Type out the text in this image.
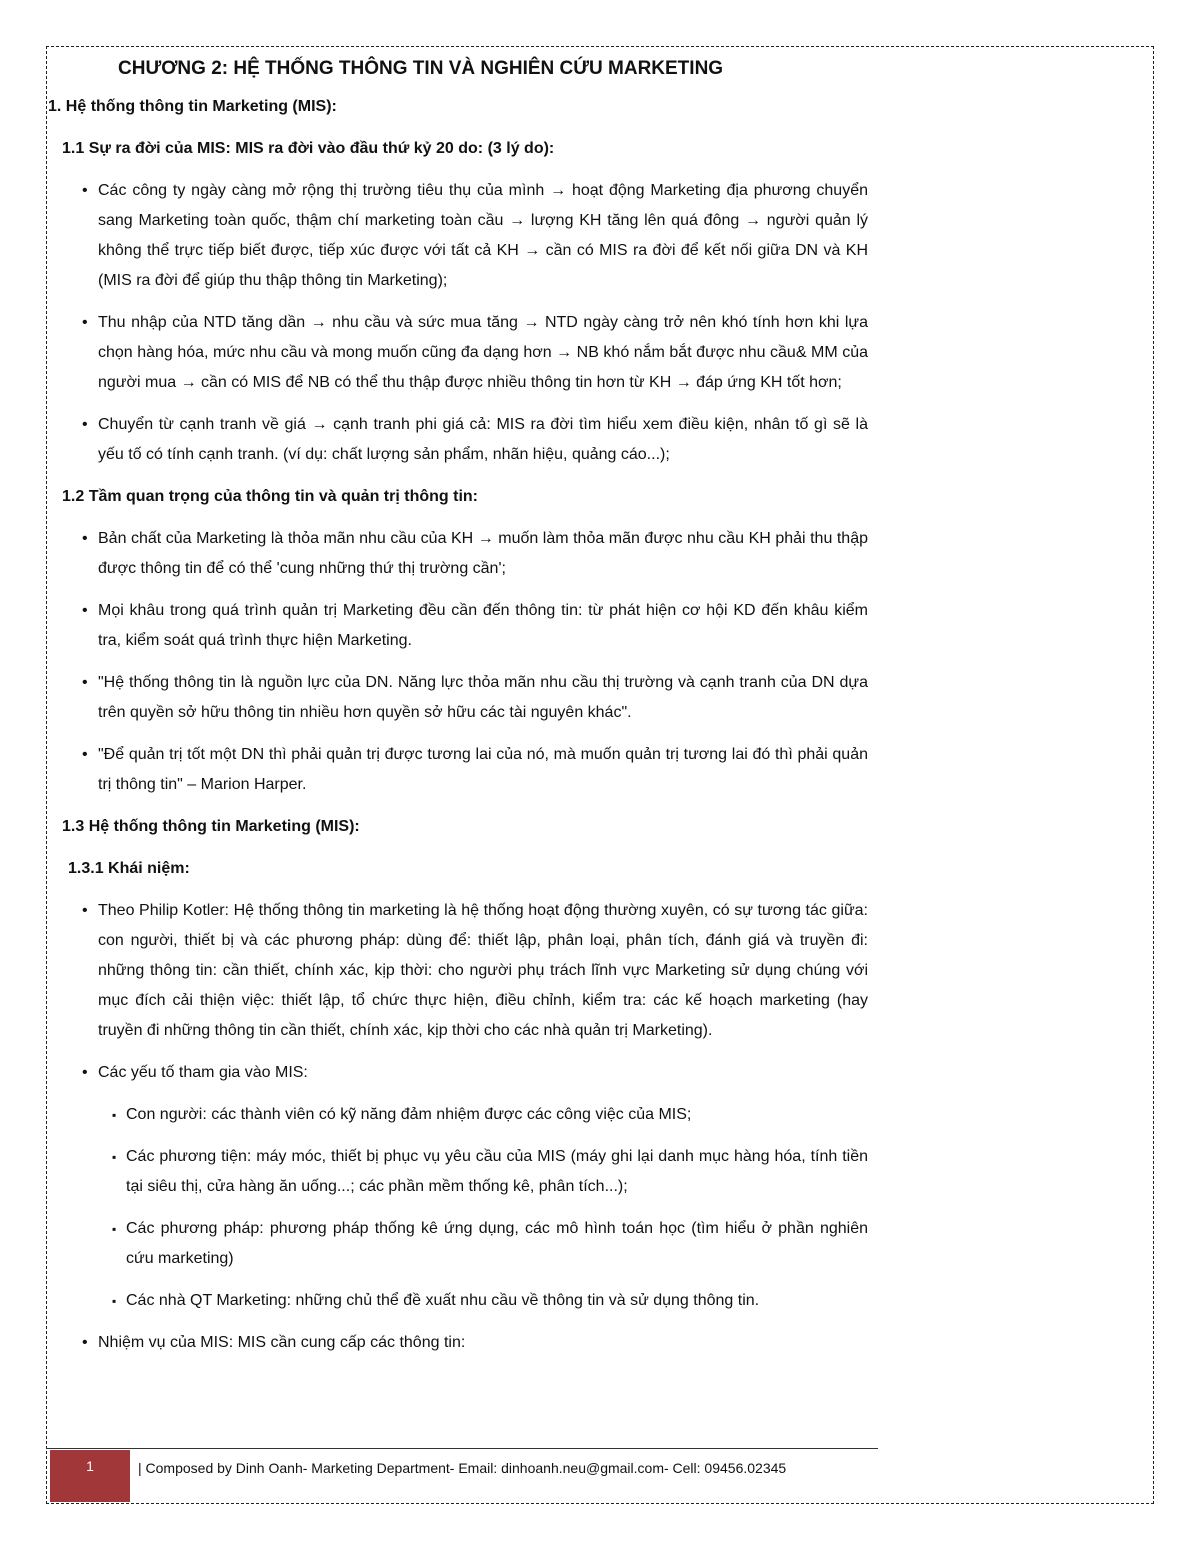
CHƯƠNG 2: HỆ THỐNG THÔNG TIN VÀ NGHIÊN CỨU MARKETING
1. Hệ thống thông tin Marketing (MIS):
1.1 Sự ra đời của MIS: MIS ra đời vào đầu thứ kỷ 20 do: (3 lý do):
• Các công ty ngày càng mở rộng thị trường tiêu thụ của mình → hoạt động Marketing địa phương chuyển sang Marketing toàn quốc, thậm chí marketing toàn cầu → lượng KH tăng lên quá đông → người quản lý không thể trực tiếp biết được, tiếp xúc được với tất cả KH → cần có MIS ra đời để kết nối giữa DN và KH (MIS ra đời để giúp thu thập thông tin Marketing);
• Thu nhập của NTD tăng dần → nhu cầu và sức mua tăng → NTD ngày càng trở nên khó tính hơn khi lựa chọn hàng hóa, mức nhu cầu và mong muốn cũng đa dạng hơn → NB khó nắm bắt được nhu cầu& MM của người mua → cần có MIS để NB có thể thu thập được nhiều thông tin hơn từ KH → đáp ứng KH tốt hơn;
• Chuyển từ cạnh tranh về giá → cạnh tranh phi giá cả: MIS ra đời tìm hiểu xem điều kiện, nhân tố gì sẽ là yếu tố có tính cạnh tranh. (ví dụ: chất lượng sản phẩm, nhãn hiệu, quảng cáo...);
1.2 Tầm quan trọng của thông tin và quản trị thông tin:
• Bản chất của Marketing là thỏa mãn nhu cầu của KH → muốn làm thỏa mãn được nhu cầu KH phải thu thập được thông tin để có thể 'cung những thứ thị trường cần';
• Mọi khâu trong quá trình quản trị Marketing đều cần đến thông tin: từ phát hiện cơ hội KD đến khâu kiểm tra, kiểm soát quá trình thực hiện Marketing.
• "Hệ thống thông tin là nguồn lực của DN. Năng lực thỏa mãn nhu cầu thị trường và cạnh tranh của DN dựa trên quyền sở hữu thông tin nhiều hơn quyền sở hữu các tài nguyên khác".
• "Để quản trị tốt một DN thì phải quản trị được tương lai của nó, mà muốn quản trị tương lai đó thì phải quản trị thông tin" – Marion Harper.
1.3 Hệ thống thông tin Marketing (MIS):
1.3.1 Khái niệm:
• Theo Philip Kotler: Hệ thống thông tin marketing là hệ thống hoạt động thường xuyên, có sự tương tác giữa: con người, thiết bị và các phương pháp: dùng để: thiết lập, phân loại, phân tích, đánh giá và truyền đi: những thông tin: cần thiết, chính xác, kịp thời: cho người phụ trách lĩnh vực Marketing sử dụng chúng với mục đích cải thiện việc: thiết lập, tổ chức thực hiện, điều chỉnh, kiểm tra: các kế hoạch marketing (hay truyền đi những thông tin cần thiết, chính xác, kịp thời cho các nhà quản trị Marketing).
• Các yếu tố tham gia vào MIS:
▪ Con người: các thành viên có kỹ năng đảm nhiệm được các công việc của MIS;
▪ Các phương tiện: máy móc, thiết bị phục vụ yêu cầu của MIS (máy ghi lại danh mục hàng hóa, tính tiền tại siêu thị, cửa hàng ăn uống...; các phần mềm thống kê, phân tích...);
▪ Các phương pháp: phương pháp thống kê ứng dụng, các mô hình toán học (tìm hiểu ở phần nghiên cứu marketing)
▪ Các nhà QT Marketing: những chủ thể đề xuất nhu cầu về thông tin và sử dụng thông tin.
• Nhiệm vụ của MIS: MIS cần cung cấp các thông tin:
1	| Composed by Dinh Oanh- Marketing Department- Email: dinhoanh.neu@gmail.com- Cell: 09456.02345
